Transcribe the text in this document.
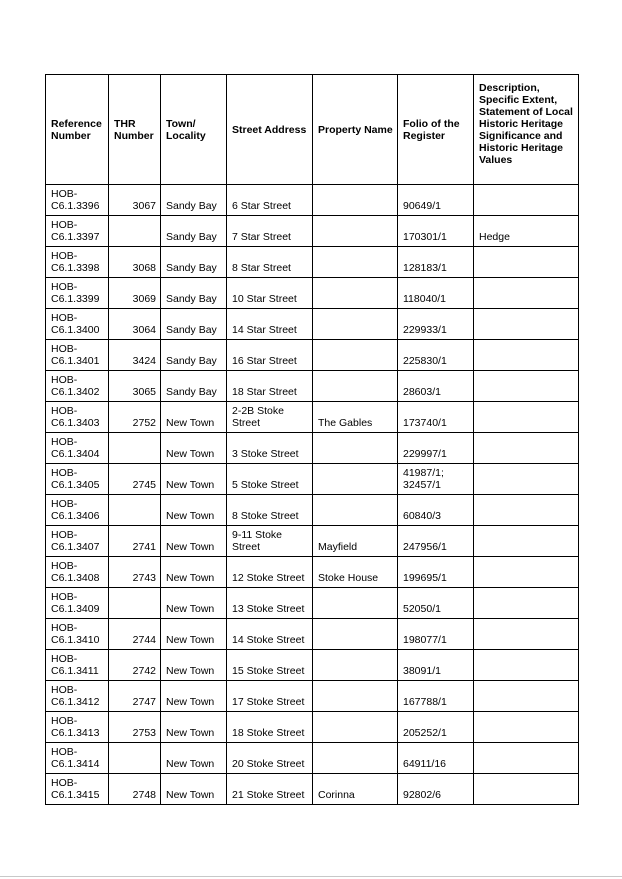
Reference Number	THR Number	Town/ Locality	Street Address	Property Name	Folio of the Register	Description, Specific Extent, Statement of Local Historic Heritage Significance and Historic Heritage Values
HOB-C6.1.3396	3067	Sandy Bay	6 Star Street		90649/1	
HOB-C6.1.3397		Sandy Bay	7 Star Street		170301/1	Hedge
HOB-C6.1.3398	3068	Sandy Bay	8 Star Street		128183/1	
HOB-C6.1.3399	3069	Sandy Bay	10 Star Street		118040/1	
HOB-C6.1.3400	3064	Sandy Bay	14 Star Street		229933/1	
HOB-C6.1.3401	3424	Sandy Bay	16 Star Street		225830/1	
HOB-C6.1.3402	3065	Sandy Bay	18 Star Street		28603/1	
HOB-C6.1.3403	2752	New Town	2-2B Stoke Street	The Gables	173740/1	
HOB-C6.1.3404		New Town	3 Stoke Street		229997/1	
HOB-C6.1.3405	2745	New Town	5 Stoke Street		41987/1; 32457/1	
HOB-C6.1.3406		New Town	8 Stoke Street		60840/3	
HOB-C6.1.3407	2741	New Town	9-11 Stoke Street	Mayfield	247956/1	
HOB-C6.1.3408	2743	New Town	12 Stoke Street	Stoke House	199695/1	
HOB-C6.1.3409		New Town	13 Stoke Street		52050/1	
HOB-C6.1.3410	2744	New Town	14 Stoke Street		198077/1	
HOB-C6.1.3411	2742	New Town	15 Stoke Street		38091/1	
HOB-C6.1.3412	2747	New Town	17 Stoke Street		167788/1	
HOB-C6.1.3413	2753	New Town	18 Stoke Street		205252/1	
HOB-C6.1.3414		New Town	20 Stoke Street		64911/16	
HOB-C6.1.3415	2748	New Town	21 Stoke Street	Corinna	92802/6	
